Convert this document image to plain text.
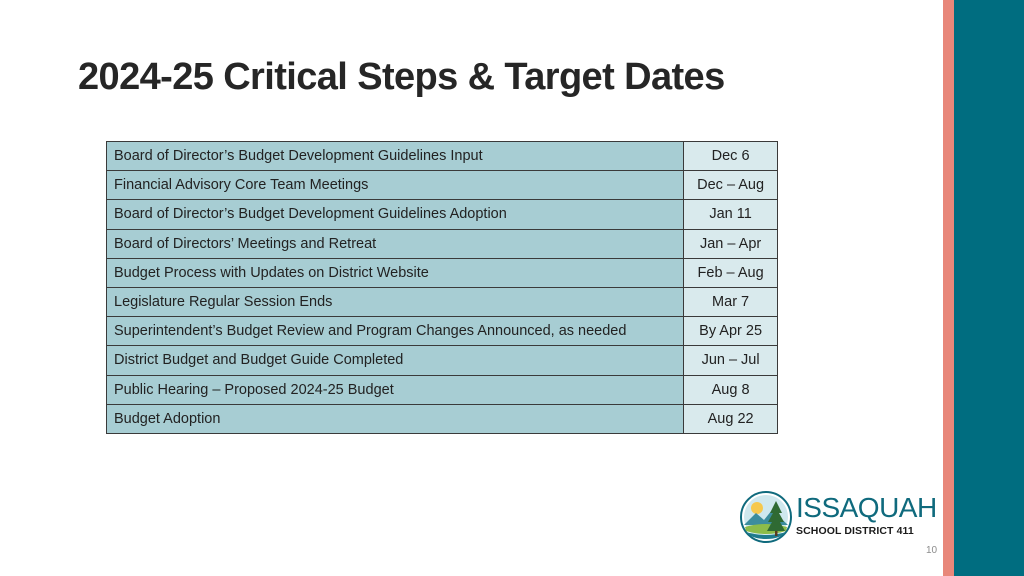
2024-25 Critical Steps & Target Dates
Board of Director’s Budget Development Guidelines Input	Dec 6
Financial Advisory Core Team Meetings	Dec – Aug
Board of Director’s Budget Development Guidelines Adoption	Jan 11
Board of Directors’ Meetings and Retreat	Jan – Apr
Budget Process with Updates on District Website	Feb – Aug
Legislature Regular Session Ends	Mar 7
Superintendent’s Budget Review and Program Changes Announced, as needed	By Apr 25
District Budget and Budget Guide Completed	Jun – Jul
Public Hearing – Proposed 2024-25 Budget	Aug 8
Budget Adoption	Aug 22
ISSAQUAH
SCHOOL DISTRICT 411
10
